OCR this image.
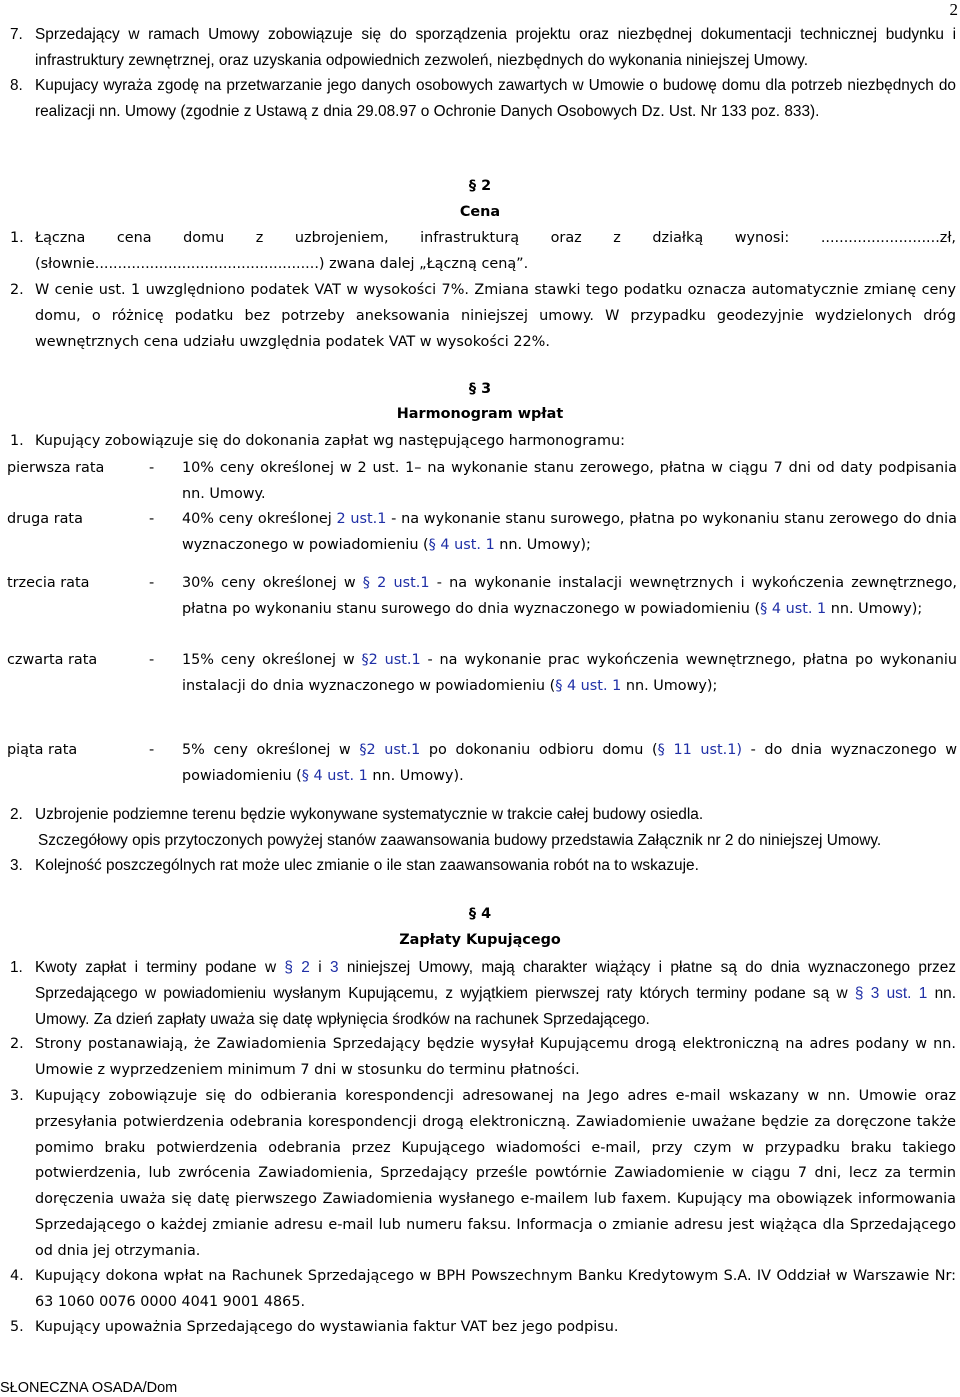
2
7. Sprzedający w ramach Umowy zobowiązuje się do sporządzenia projektu oraz niezbędnej dokumentacji technicznej budynku i infrastruktury zewnętrznej, oraz uzyskania odpowiednich zezwoleń, niezbędnych do wykonania niniejszej Umowy.
8. Kupujacy wyraża zgodę na przetwarzanie jego danych osobowych zawartych w Umowie o budowę domu dla potrzeb niezbędnych do realizacji nn. Umowy (zgodnie z Ustawą z dnia 29.08.97 o Ochronie Danych Osobowych Dz. Ust. Nr 133 poz. 833).
§ 2
Cena
1. Łączna cena domu z uzbrojeniem, infrastrukturą oraz z działką wynosi: ..........................zł, (słownie.................................................) zwana dalej „Łączną ceną”.
2. W cenie ust. 1 uwzględniono podatek VAT w wysokości 7%. Zmiana stawki tego podatku oznacza automatycznie zmianę ceny domu, o różnicę podatku bez potrzeby aneksowania niniejszej umowy. W przypadku geodezyjnie wydzielonych dróg wewnętrznych cena udziału uwzględnia podatek VAT w wysokości 22%.
§ 3
Harmonogram wpłat
1. Kupujący zobowiązuje się do dokonania zapłat wg następującego harmonogramu:
pierwsza rata	- 10% ceny określonej w 2 ust. 1– na wykonanie stanu zerowego, płatna w ciągu 7 dni od daty podpisania nn. Umowy.
druga rata	- 40% ceny określonej 2 ust.1 - na wykonanie stanu surowego, płatna po wykonaniu stanu zerowego do dnia wyznaczonego w powiadomieniu (§ 4 ust. 1 nn. Umowy);
trzecia rata	- 30% ceny określonej w § 2 ust.1 - na wykonanie instalacji wewnętrznych i wykończenia zewnętrznego, płatna po wykonaniu stanu surowego do dnia wyznaczonego w powiadomieniu (§ 4 ust. 1 nn. Umowy);
czwarta rata	- 15% ceny określonej w §2 ust.1 - na wykonanie prac wykończenia wewnętrznego, płatna po wykonaniu instalacji do dnia wyznaczonego w powiadomieniu (§ 4 ust. 1 nn. Umowy);
piąta rata	- 5% ceny określonej w §2 ust.1 po dokonaniu odbioru domu (§ 11 ust.1) - do dnia wyznaczonego w powiadomieniu (§ 4 ust. 1 nn. Umowy).
2. Uzbrojenie podziemne terenu będzie wykonywane systematycznie w trakcie całej budowy osiedla.
Szczegółowy opis przytoczonych powyżej stanów zaawansowania budowy przedstawia Załącznik nr 2 do niniejszej Umowy.
3. Kolejność poszczególnych rat może ulec zmianie o ile stan zaawansowania robót na to wskazuje.
§ 4
Zapłaty Kupującego
1. Kwoty zapłat i terminy podane w § 2 i 3 niniejszej Umowy, mają charakter wiążący i płatne są do dnia wyznaczonego przez Sprzedającego w powiadomieniu wysłanym Kupującemu, z wyjątkiem pierwszej raty których terminy podane są w § 3 ust. 1 nn. Umowy. Za dzień zapłaty uważa się datę wpłynięcia środków na rachunek Sprzedającego.
2. Strony postanawiają, że Zawiadomienia Sprzedający będzie wysyłał Kupującemu drogą elektroniczną na adres podany w nn. Umowie z wyprzedzeniem minimum 7 dni w stosunku do terminu płatności.
3. Kupujący zobowiązuje się do odbierania korespondencji adresowanej na Jego adres e-mail wskazany w nn. Umowie oraz przesyłania potwierdzenia odebrania korespondencji drogą elektroniczną. Zawiadomienie uważane będzie za doręczone także pomimo braku potwierdzenia odebrania przez Kupującego wiadomości e-mail, przy czym w przypadku braku takiego potwierdzenia, lub zwrócenia Zawiadomienia, Sprzedający prześle powtórnie Zawiadomienie w ciągu 7 dni, lecz za termin doręczenia uważa się datę pierwszego Zawiadomienia wysłanego e-mailem lub faxem. Kupujący ma obowiązek informowania Sprzedającego o każdej zmianie adresu e-mail lub numeru faksu. Informacja o zmianie adresu jest wiążąca dla Sprzedającego od dnia jej otrzymania.
4. Kupujący dokona wpłat na Rachunek Sprzedającego w BPH Powszechnym Banku Kredytowym S.A. IV Oddział w Warszawie Nr: 63 1060 0076 0000 4041 9001 4865.
5. Kupujący upoważnia Sprzedającego do wystawiania faktur VAT bez jego podpisu.
SŁONECZNA OSADA/Dom
